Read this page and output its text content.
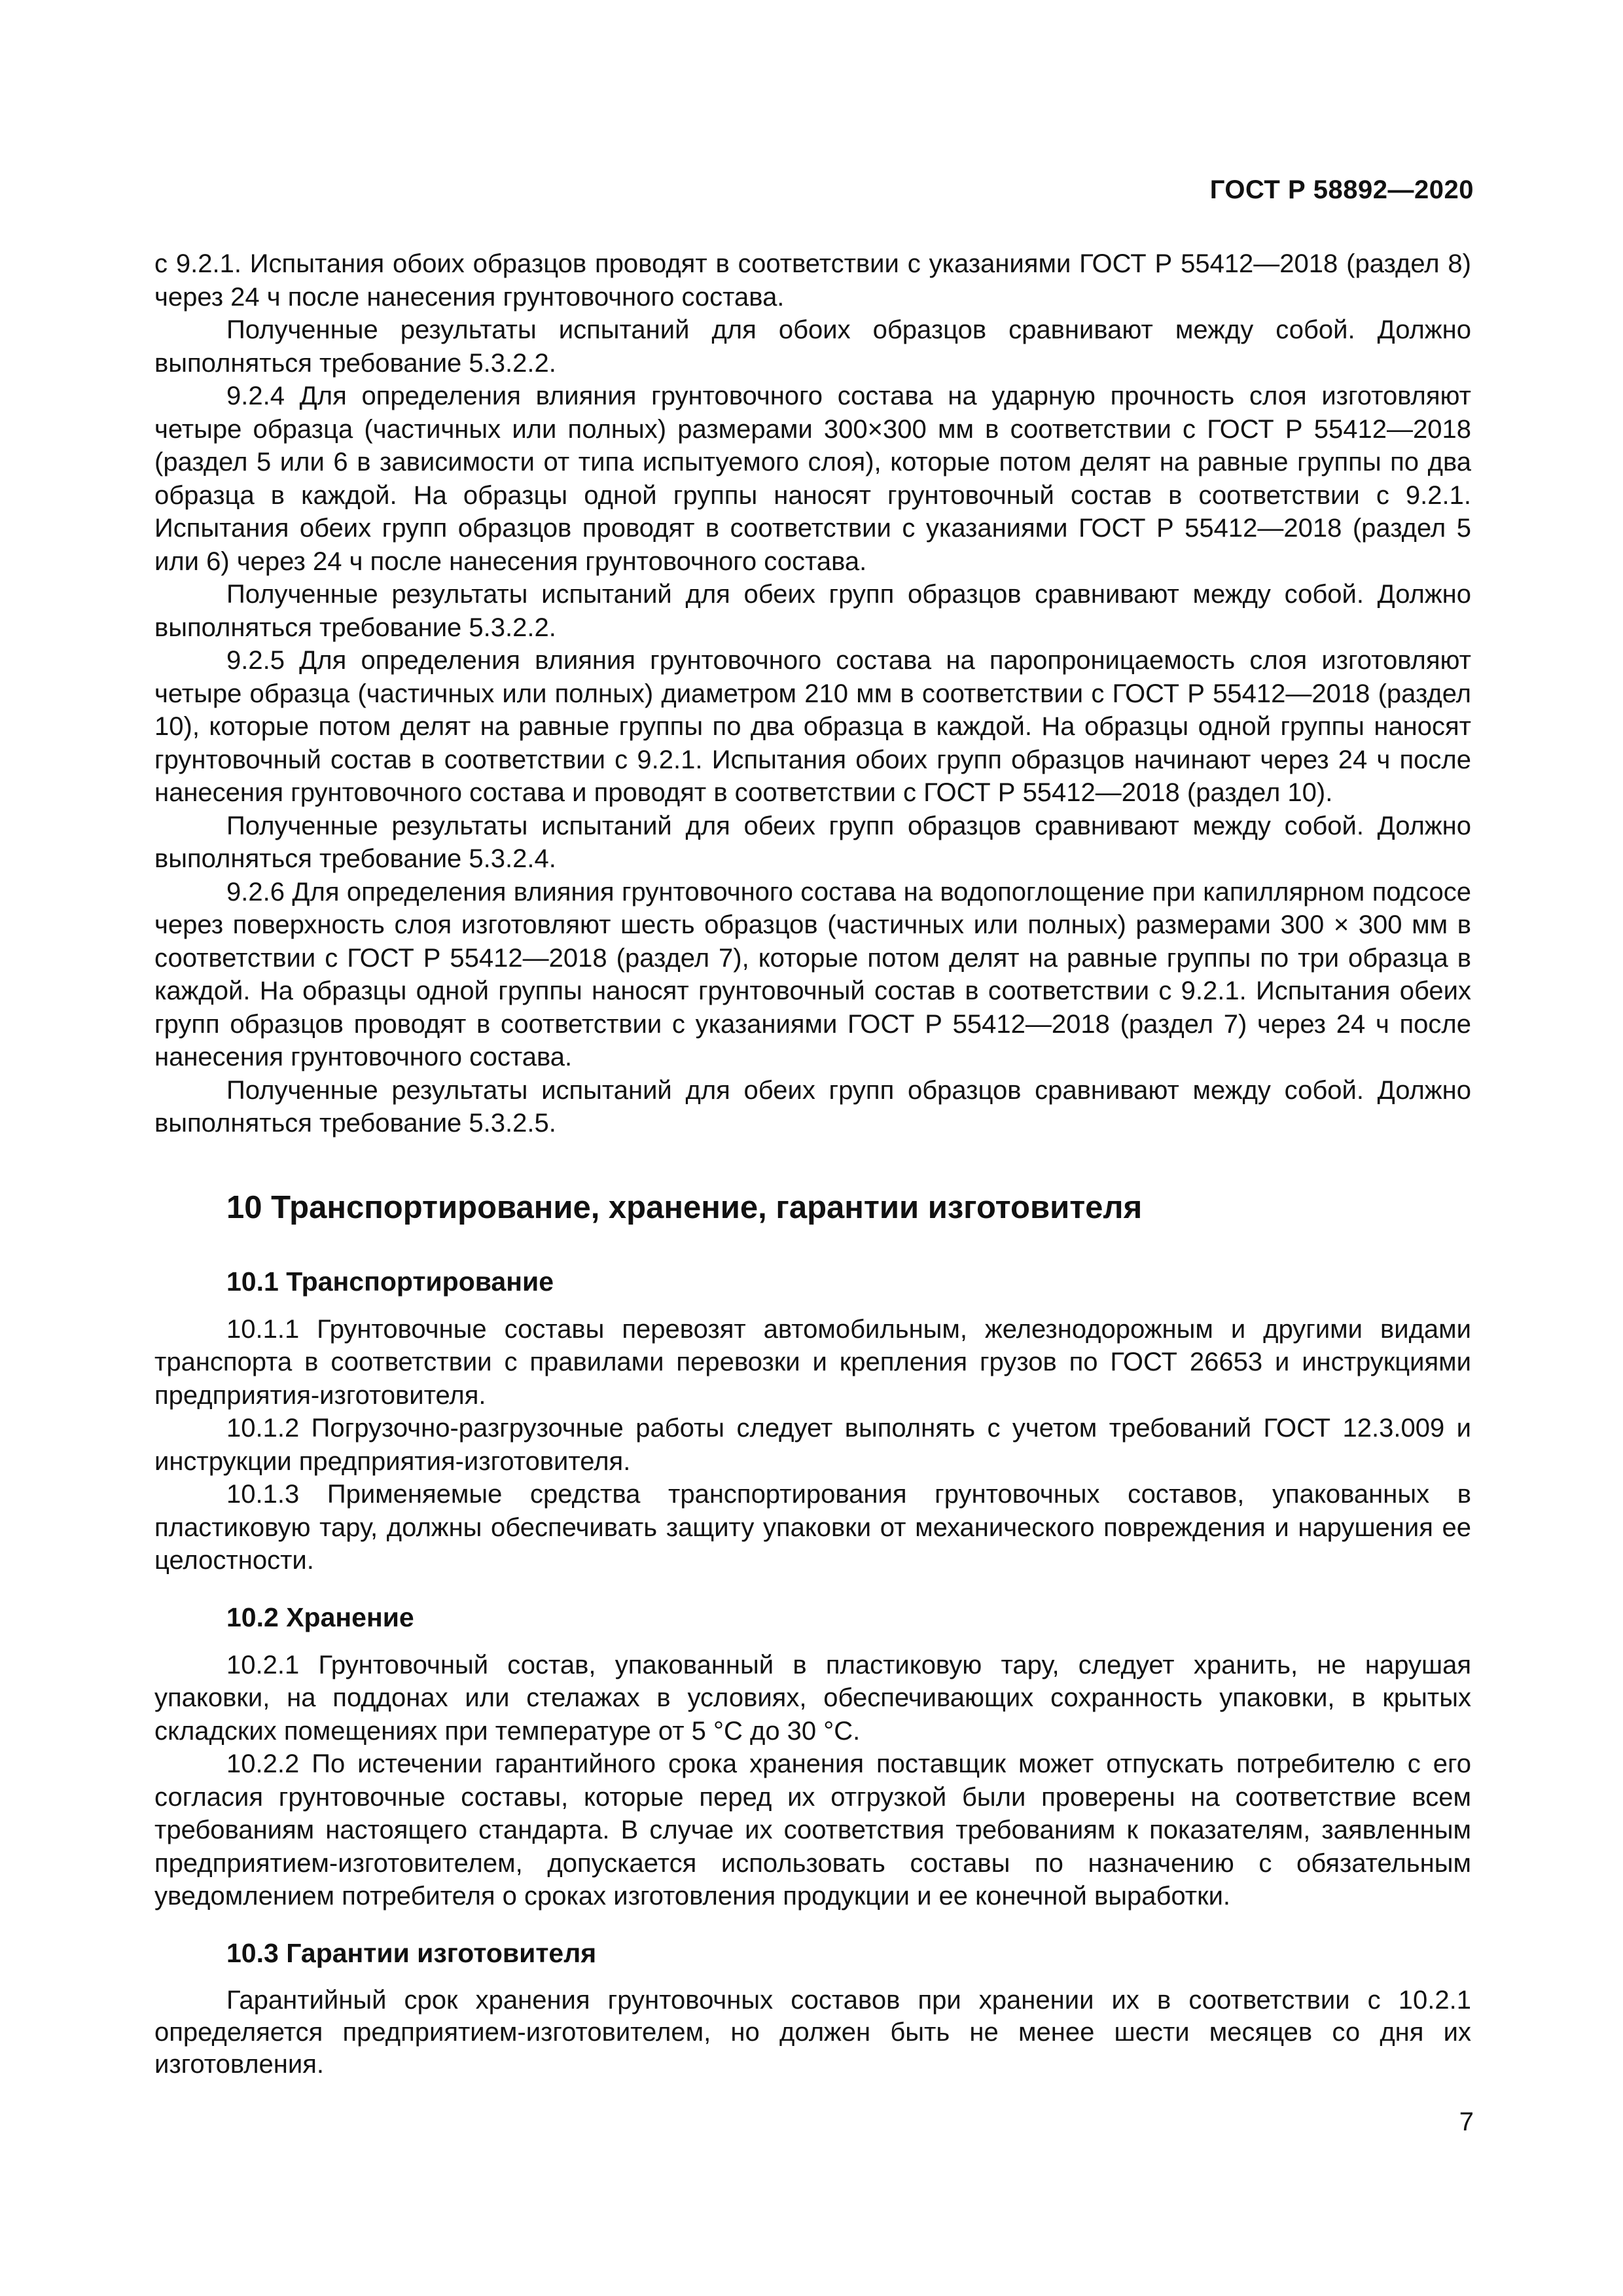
ГОСТ Р 58892—2020

с 9.2.1. Испытания обоих образцов проводят в соответствии с указаниями ГОСТ Р 55412—2018 (раздел 8) через 24 ч после нанесения грунтовочного состава.

Полученные результаты испытаний для обоих образцов сравнивают между собой. Должно выполняться требование 5.3.2.2.

9.2.4 Для определения влияния грунтовочного состава на ударную прочность слоя изготовляют четыре образца (частичных или полных) размерами 300×300 мм в соответствии с ГОСТ Р 55412—2018 (раздел 5 или 6 в зависимости от типа испытуемого слоя), которые потом делят на равные группы по два образца в каждой. На образцы одной группы наносят грунтовочный состав в соответствии с 9.2.1. Испытания обеих групп образцов проводят в соответствии с указаниями ГОСТ Р 55412—2018 (раздел 5 или 6) через 24 ч после нанесения грунтовочного состава.

Полученные результаты испытаний для обеих групп образцов сравнивают между собой. Должно выполняться требование 5.3.2.2.

9.2.5 Для определения влияния грунтовочного состава на паропроницаемость слоя изготовляют четыре образца (частичных или полных) диаметром 210 мм в соответствии с ГОСТ Р 55412—2018 (раздел 10), которые потом делят на равные группы по два образца в каждой. На образцы одной группы наносят грунтовочный состав в соответствии с 9.2.1. Испытания обоих групп образцов начинают через 24 ч после нанесения грунтовочного состава и проводят в соответствии с ГОСТ Р 55412—2018 (раздел 10).

Полученные результаты испытаний для обеих групп образцов сравнивают между собой. Должно выполняться требование 5.3.2.4.

9.2.6 Для определения влияния грунтовочного состава на водопоглощение при капиллярном подсосе через поверхность слоя изготовляют шесть образцов (частичных или полных) размерами 300 × 300 мм в соответствии с ГОСТ Р 55412—2018 (раздел 7), которые потом делят на равные группы по три образца в каждой. На образцы одной группы наносят грунтовочный состав в соответствии с 9.2.1. Испытания обеих групп образцов проводят в соответствии с указаниями ГОСТ Р 55412—2018 (раздел 7) через 24 ч после нанесения грунтовочного состава.

Полученные результаты испытаний для обеих групп образцов сравнивают между собой. Должно выполняться требование 5.3.2.5.

10 Транспортирование, хранение, гарантии изготовителя
10.1 Транспортирование

10.1.1 Грунтовочные составы перевозят автомобильным, железнодорожным и другими видами транспорта в соответствии с правилами перевозки и крепления грузов по ГОСТ 26653 и инструкциями предприятия-изготовителя.

10.1.2 Погрузочно-разгрузочные работы следует выполнять с учетом требований ГОСТ 12.3.009 и инструкции предприятия-изготовителя.

10.1.3 Применяемые средства транспортирования грунтовочных составов, упакованных в пластиковую тару, должны обеспечивать защиту упаковки от механического повреждения и нарушения ее целостности.

10.2 Хранение

10.2.1 Грунтовочный состав, упакованный в пластиковую тару, следует хранить, не нарушая упаковки, на поддонах или стелажах в условиях, обеспечивающих сохранность упаковки, в крытых складских помещениях при температуре от 5 °С до 30 °С.

10.2.2 По истечении гарантийного срока хранения поставщик может отпускать потребителю с его согласия грунтовочные составы, которые перед их отгрузкой были проверены на соответствие всем требованиям настоящего стандарта. В случае их соответствия требованиям к показателям, заявленным предприятием-изготовителем, допускается использовать составы по назначению с обязательным уведомлением потребителя о сроках изготовления продукции и ее конечной выработки.

10.3 Гарантии изготовителя

Гарантийный срок хранения грунтовочных составов при хранении их в соответствии с 10.2.1 определяется предприятием-изготовителем, но должен быть не менее шести месяцев со дня их изготовления.

7
